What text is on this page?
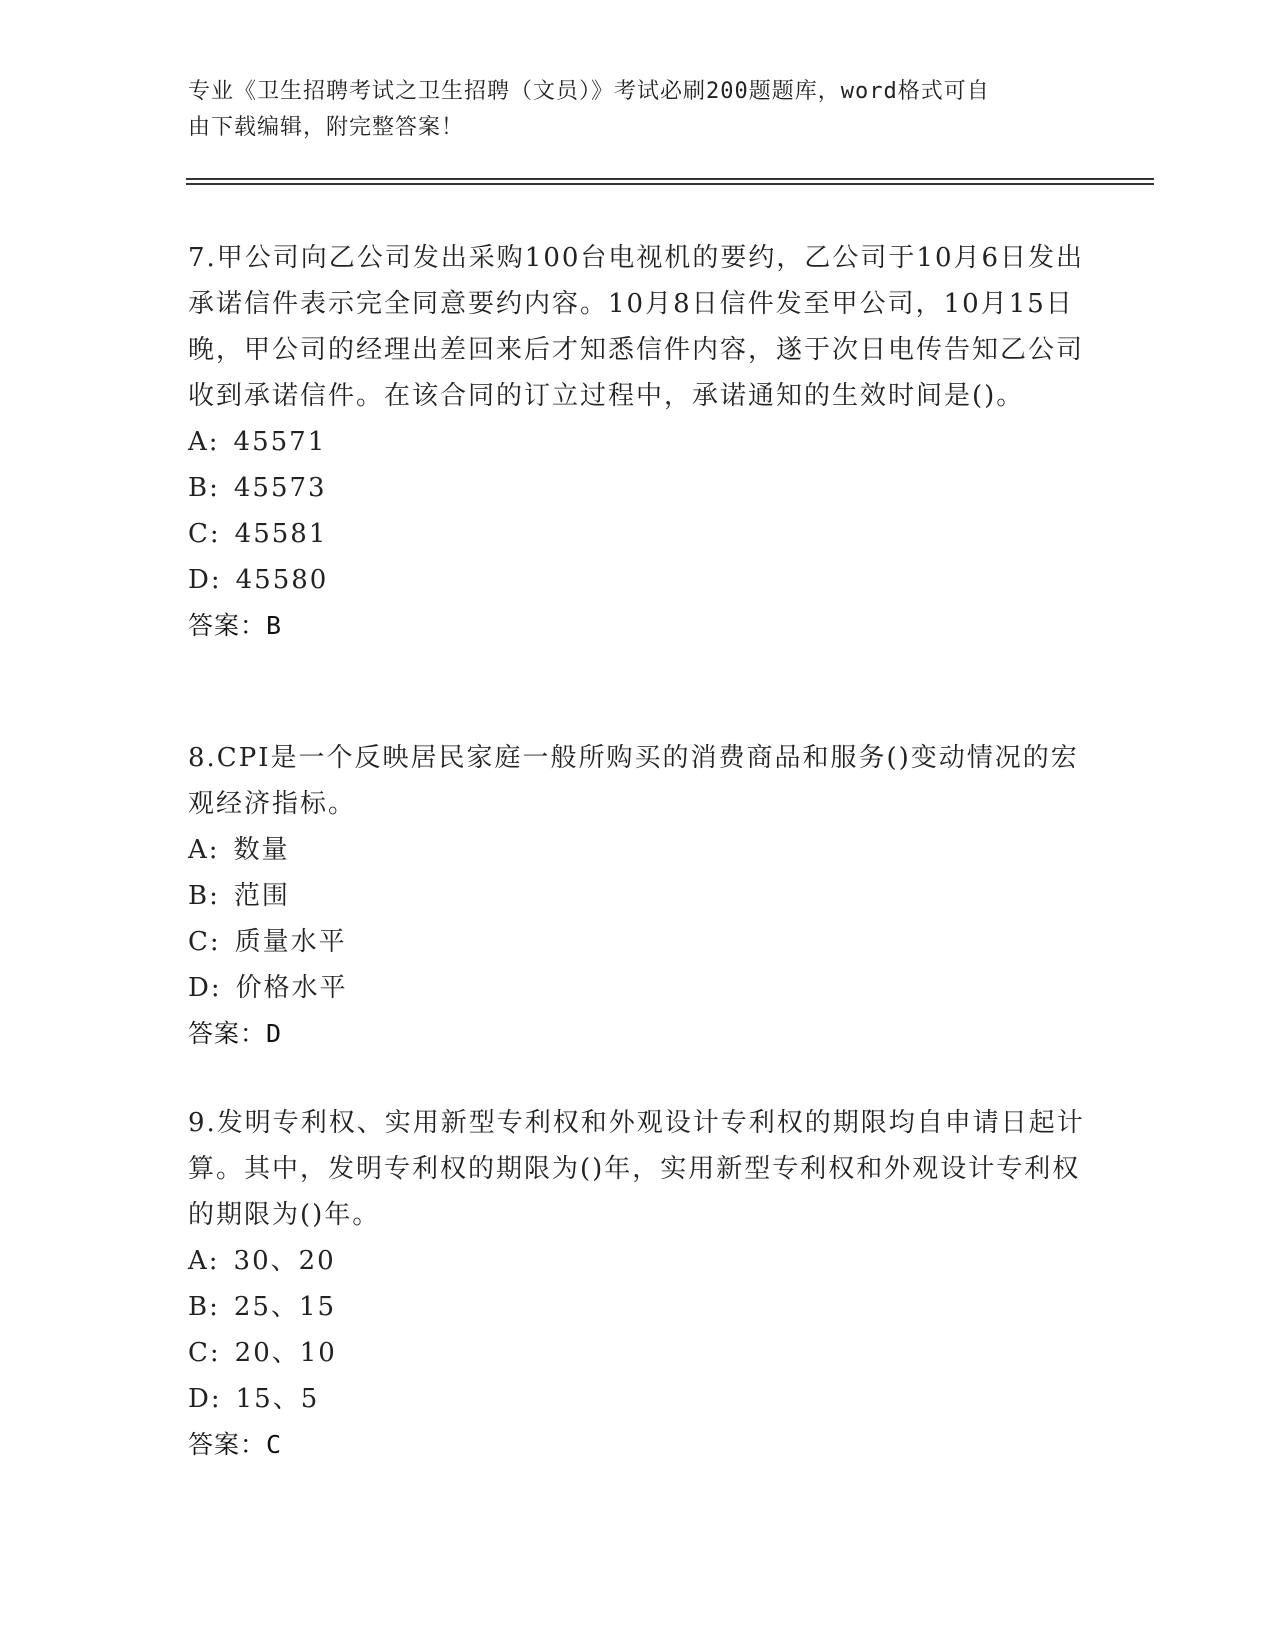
专业《卫生招聘考试之卫生招聘（文员）》考试必刷200题题库，word格式可自
由下载编辑，附完整答案！

7.甲公司向乙公司发出采购100台电视机的要约，乙公司于10月6日发出承诺信件表示完全同意要约内容。10月8日信件发至甲公司，10月15日晚，甲公司的经理出差回来后才知悉信件内容，遂于次日电传告知乙公司收到承诺信件。在该合同的订立过程中，承诺通知的生效时间是()。

A: 45571

B: 45573

C: 45581

D: 45580

答案：B

8.CPI是一个反映居民家庭一般所购买的消费商品和服务()变动情况的宏观经济指标。

A: 数量

B: 范围

C: 质量水平

D: 价格水平

答案：D

9.发明专利权、实用新型专利权和外观设计专利权的期限均自申请日起计算。其中，发明专利权的期限为()年，实用新型专利权和外观设计专利权的期限为()年。

A: 30、20

B: 25、15

C: 20、10

D: 15、5

答案：C
